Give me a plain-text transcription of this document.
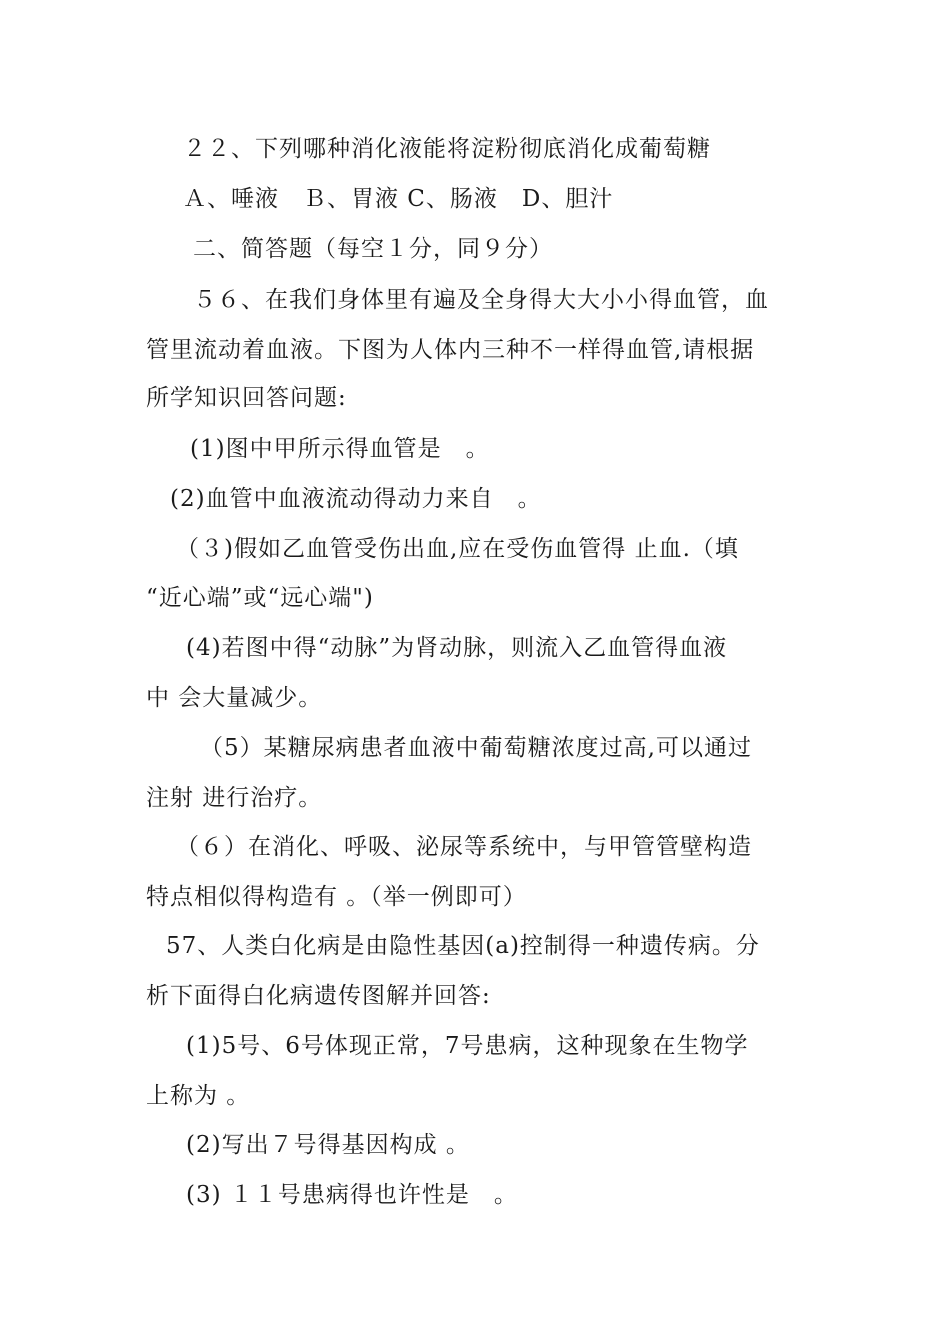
２２、下列哪种消化液能将淀粉彻底消化成葡萄糖
Ａ、唾液　Ｂ、胃液 C、肠液　D、胆汁
二、简答题（每空１分，同９分）
５６、在我们身体里有遍及全身得大大小小得血管，血
管里流动着血液。下图为人体内三种不一样得血管,请根据
所学知识回答问题:
(1)图中甲所示得血管是　。
(2)血管中血液流动得动力来自　。
（３)假如乙血管受伤出血,应在受伤血管得 止血.（填
“近心端”或“远心端")
(4)若图中得“动脉”为肾动脉，则流入乙血管得血液
中 会大量减少。
（5）某糖尿病患者血液中葡萄糖浓度过高,可以通过
注射 进行治疗。
（６）在消化、呼吸、泌尿等系统中，与甲管管壁构造
特点相似得构造有 。（举一例即可）
57、人类白化病是由隐性基因(a)控制得一种遗传病。分
析下面得白化病遗传图解并回答:
(1)5号、6号体现正常，7号患病，这种现象在生物学
上称为 。
(2)写出７号得基因构成 。
(3) １１号患病得也许性是　。
